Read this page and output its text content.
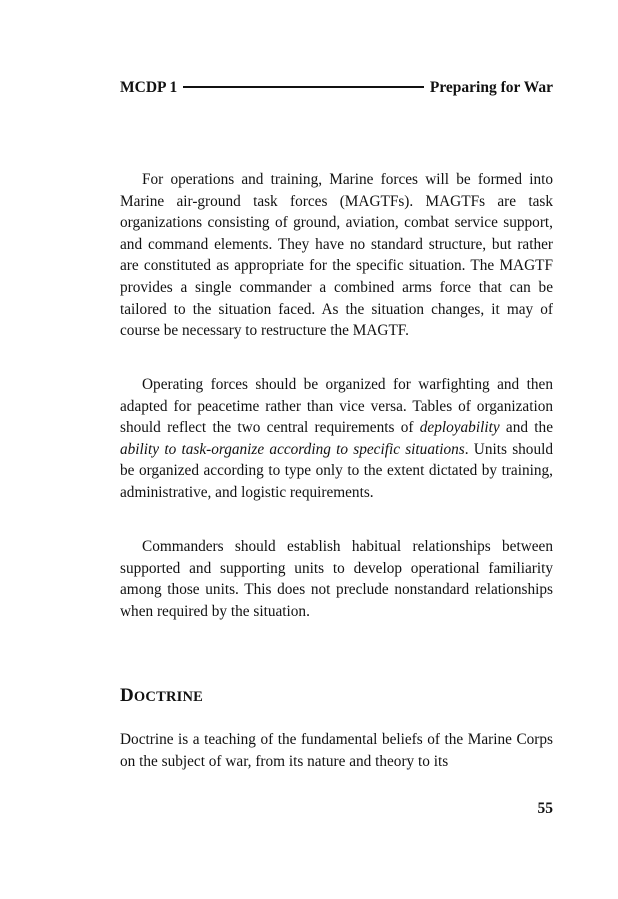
MCDP 1	Preparing for War

For operations and training, Marine forces will be formed into Marine air-ground task forces (MAGTFs). MAGTFs are task organizations consisting of ground, aviation, combat service support, and command elements. They have no standard structure, but rather are constituted as appropriate for the specific situation. The MAGTF provides a single commander a combined arms force that can be tailored to the situation faced. As the situation changes, it may of course be necessary to restructure the MAGTF.

Operating forces should be organized for warfighting and then adapted for peacetime rather than vice versa. Tables of organization should reflect the two central requirements of deployability and the ability to task-organize according to specific situations. Units should be organized according to type only to the extent dictated by training, administrative, and logistic requirements.

Commanders should establish habitual relationships between supported and supporting units to develop operational familiarity among those units. This does not preclude nonstandard relationships when required by the situation.

DOCTRINE

Doctrine is a teaching of the fundamental beliefs of the Marine Corps on the subject of war, from its nature and theory to its

55
